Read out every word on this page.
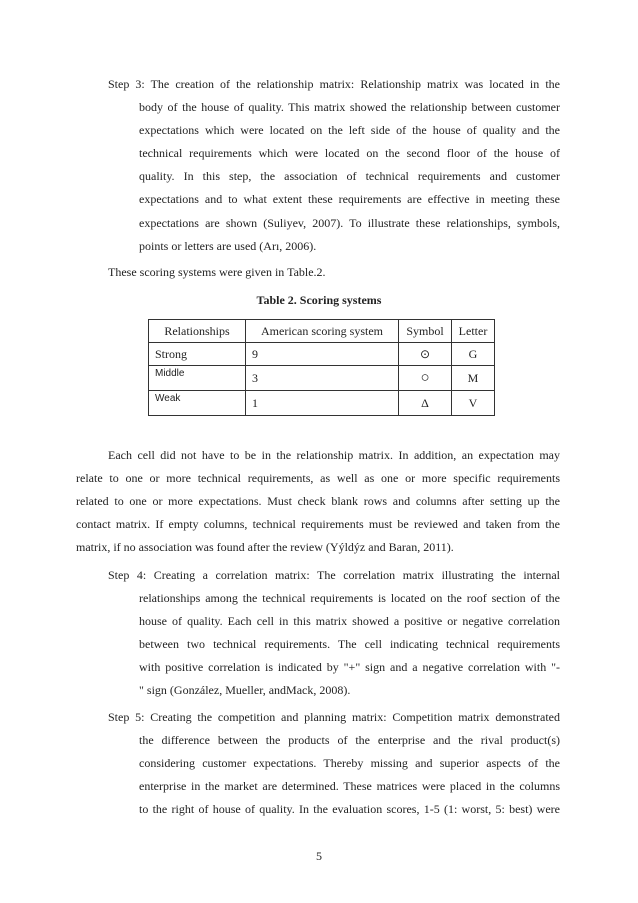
Step 3: The creation of the relationship matrix: Relationship matrix was located in the
body of the house of quality. This matrix showed the relationship between customer
expectations which were located on the left side of the house of quality and the
technical requirements which were located on the second floor of the house of
quality. In this step, the association of technical requirements and customer
expectations and to what extent these requirements are effective in meeting these
expectations are shown (Suliyev, 2007). To illustrate these relationships, symbols,
points or letters are used (Arı, 2006).
These scoring systems were given in Table.2.
Table 2. Scoring systems
Relationships	American scoring system	Symbol	Letter
Strong	9	⊙	G
Middle	3	○	M
Weak	1	Δ	V
Each cell did not have to be in the relationship matrix. In addition, an expectation may
relate to one or more technical requirements, as well as one or more specific requirements
related to one or more expectations. Must check blank rows and columns after setting up the
contact matrix. If empty columns, technical requirements must be reviewed and taken from the
matrix, if no association was found after the review (Yýldýz and Baran, 2011).
Step 4: Creating a correlation matrix: The correlation matrix illustrating the internal
relationships among the technical requirements is located on the roof section of the
house of quality. Each cell in this matrix showed a positive or negative correlation
between two technical requirements. The cell indicating technical requirements
with positive correlation is indicated by "+" sign and a negative correlation with "-
" sign (González, Mueller, andMack, 2008).
Step 5: Creating the competition and planning matrix: Competition matrix demonstrated
the difference between the products of the enterprise and the rival product(s)
considering customer expectations. Thereby missing and superior aspects of the
enterprise in the market are determined. These matrices were placed in the columns
to the right of house of quality. In the evaluation scores, 1-5 (1: worst, 5: best) were
5
